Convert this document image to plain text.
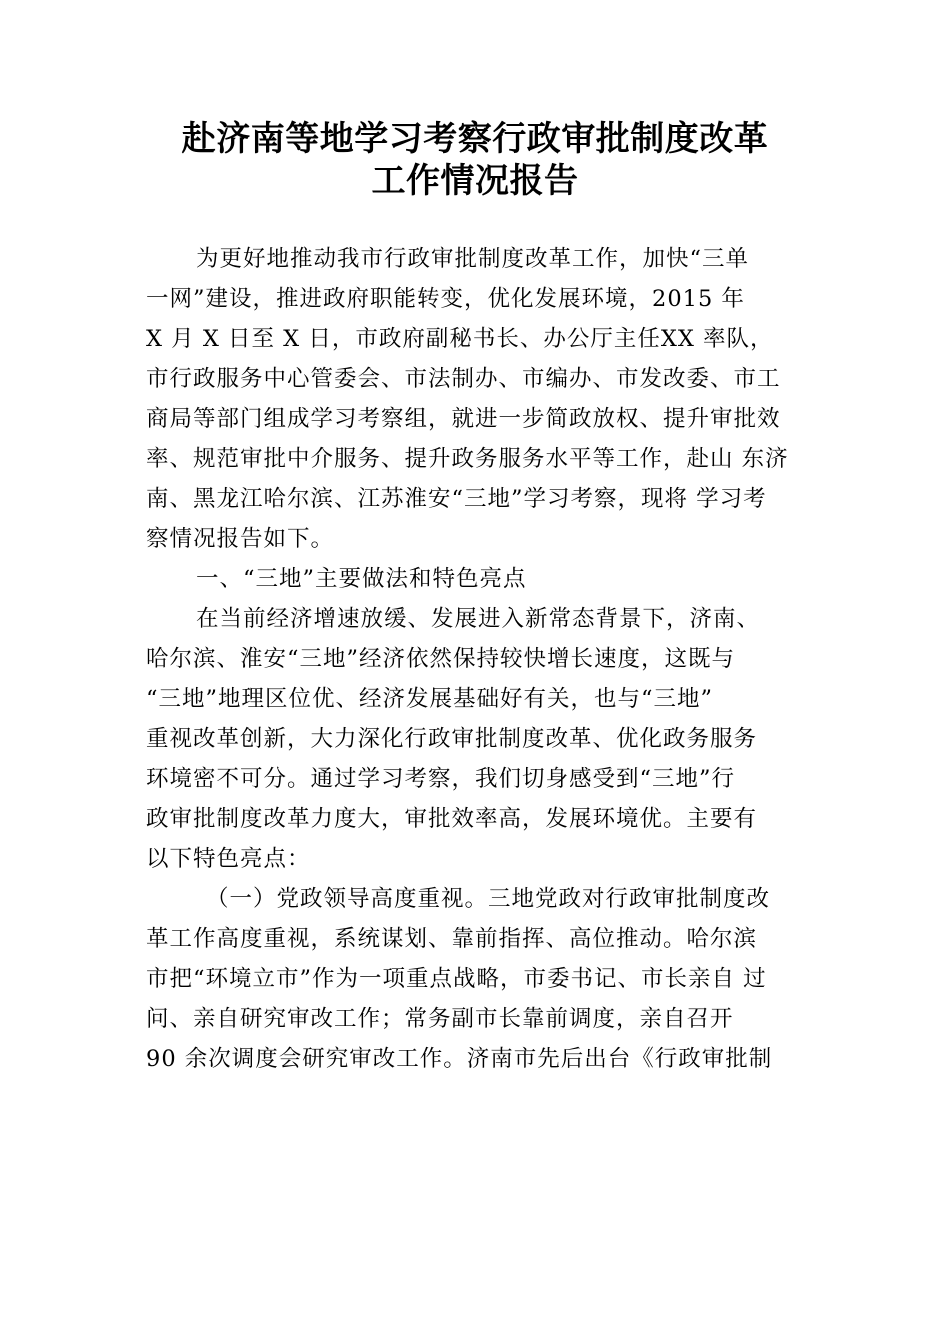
赴济南等地学习考察行政审批制度改革
工作情况报告
为更好地推动我市行政审批制度改革工作，加快“三单
一网”建设，推进政府职能转变，优化发展环境，2015 年
X 月 X 日至 X 日，市政府副秘书长、办公厅主任XX 率队，
市行政服务中心管委会、市法制办、市编办、市发改委、市工
商局等部门组成学习考察组，就进一步简政放权、提升审批效
率、规范审批中介服务、提升政务服务水平等工作，赴山 东济
南、黑龙江哈尔滨、江苏淮安“三地”学习考察，现将 学习考
察情况报告如下。
一、“三地”主要做法和特色亮点
在当前经济增速放缓、发展进入新常态背景下，济南、
哈尔滨、淮安“三地”经济依然保持较快增长速度，这既与
“三地”地理区位优、经济发展基础好有关，也与“三地”
重视改革创新，大力深化行政审批制度改革、优化政务服务
环境密不可分。通过学习考察，我们切身感受到“三地”行
政审批制度改革力度大，审批效率高，发展环境优。主要有
以下特色亮点：
（一）党政领导高度重视。三地党政对行政审批制度改
革工作高度重视，系统谋划、靠前指挥、高位推动。哈尔滨
市把“环境立市”作为一项重点战略，市委书记、市长亲自 过
问、亲自研究审改工作；常务副市长靠前调度，亲自召开
90 余次调度会研究审改工作。济南市先后出台《行政审批制
